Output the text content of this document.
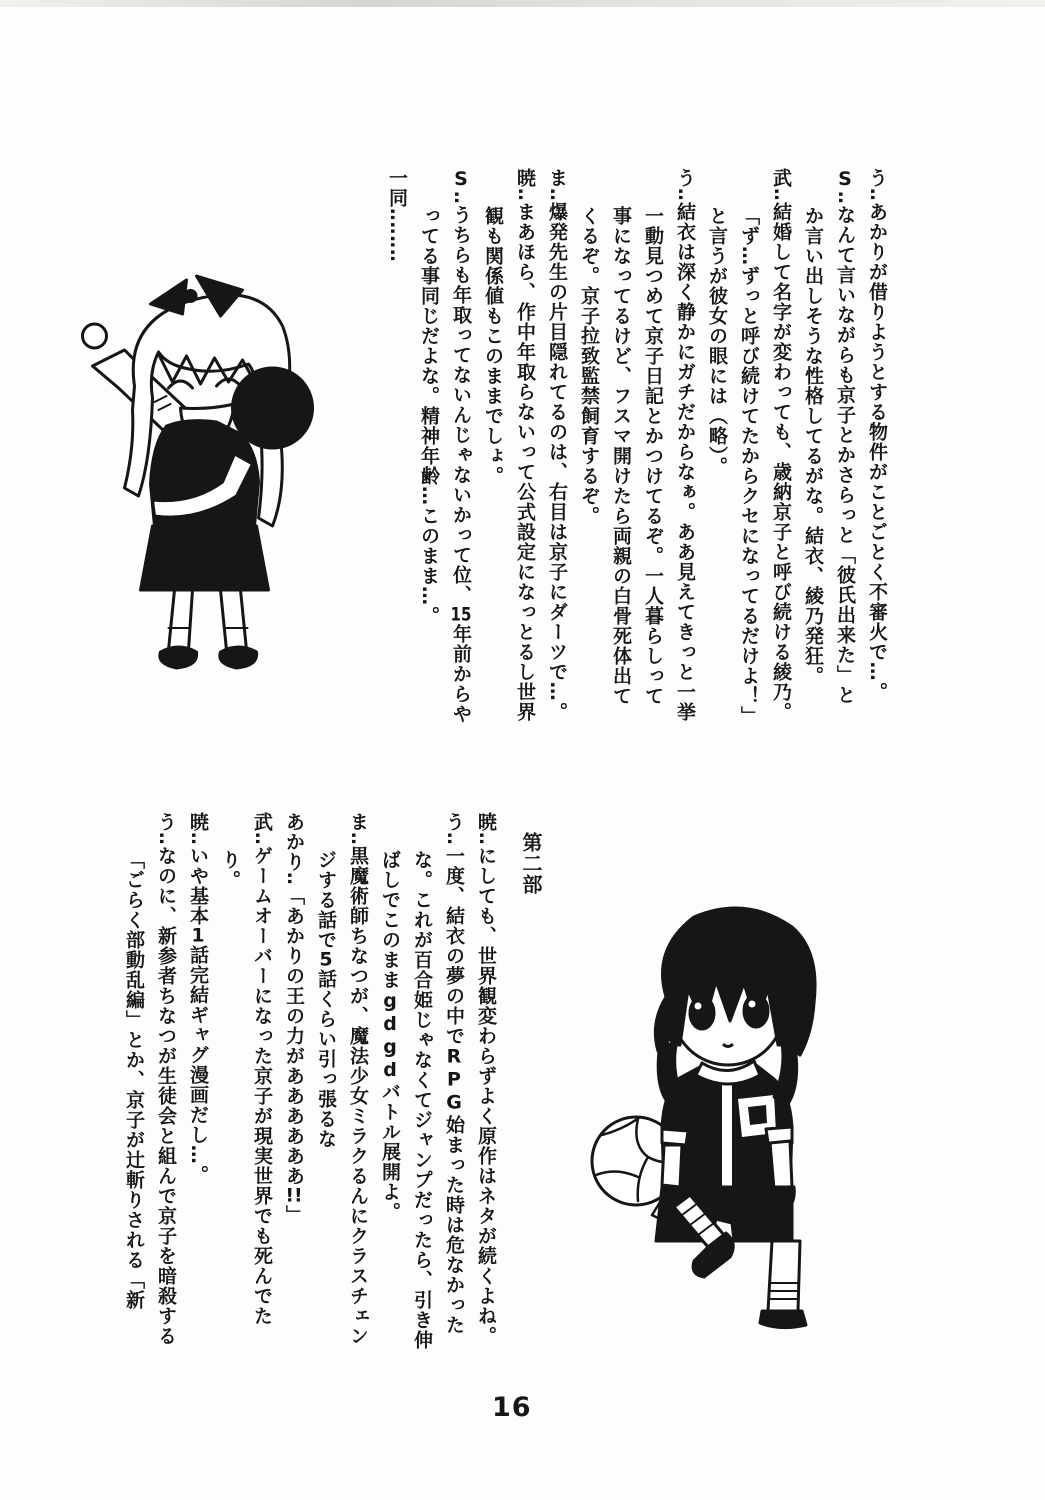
う‥あかりが借りようとする物件がことごとく不審火で…。

S‥なんて言いながらも京子とかさらっと「彼氏出来た」とか言い出しそうな性格してるがな。結衣、綾乃発狂。

武‥結婚して名字が変わっても、歳納京子と呼び続ける綾乃。「ず…ずっと呼び続けてたからクセになってるだけよ！」と言うが彼女の眼には（略）。

う‥結衣は深く静かにガチだからなぁ。ああ見えてきっと一挙一動見つめて京子日記とかつけてるぞ。一人暮らしって事になってるけど、フスマ開けたら両親の白骨死体出てくるぞ。京子拉致監禁飼育するぞ。

ま‥爆発先生の片目隠れてるのは、右目は京子にダーツで…。

暁‥まあほら、作中年取らないって公式設定になっとるし世界観も関係値もこのままでしょ。

S‥うちらも年取ってないんじゃないかって位、15年前からやってる事同じだよな。精神年齢…このまま…。

一同‥‥‥‥

第二部

暁‥にしても、世界観変わらずよく原作はネタが続くよね。

う‥一度、結衣の夢の中でRPG始まった時は危なかったな。これが百合姫じゃなくてジャンプだったら、引き伸ばしでこのままgdgdバトル展開よ。

ま‥黒魔術師ちなつが、魔法少女ミラクるんにクラスチェンジする話で5話くらい引っ張るな

あかり‥「あかりの王の力がああああああ!!」

武‥ゲームオーバーになった京子が現実世界でも死んでたり。

暁‥いや基本1話完結ギャグ漫画だし…。

う‥なのに、新参者ちなつが生徒会と組んで京子を暗殺する「ごらく部動乱編」とか、京子が辻斬りされる「新

16
